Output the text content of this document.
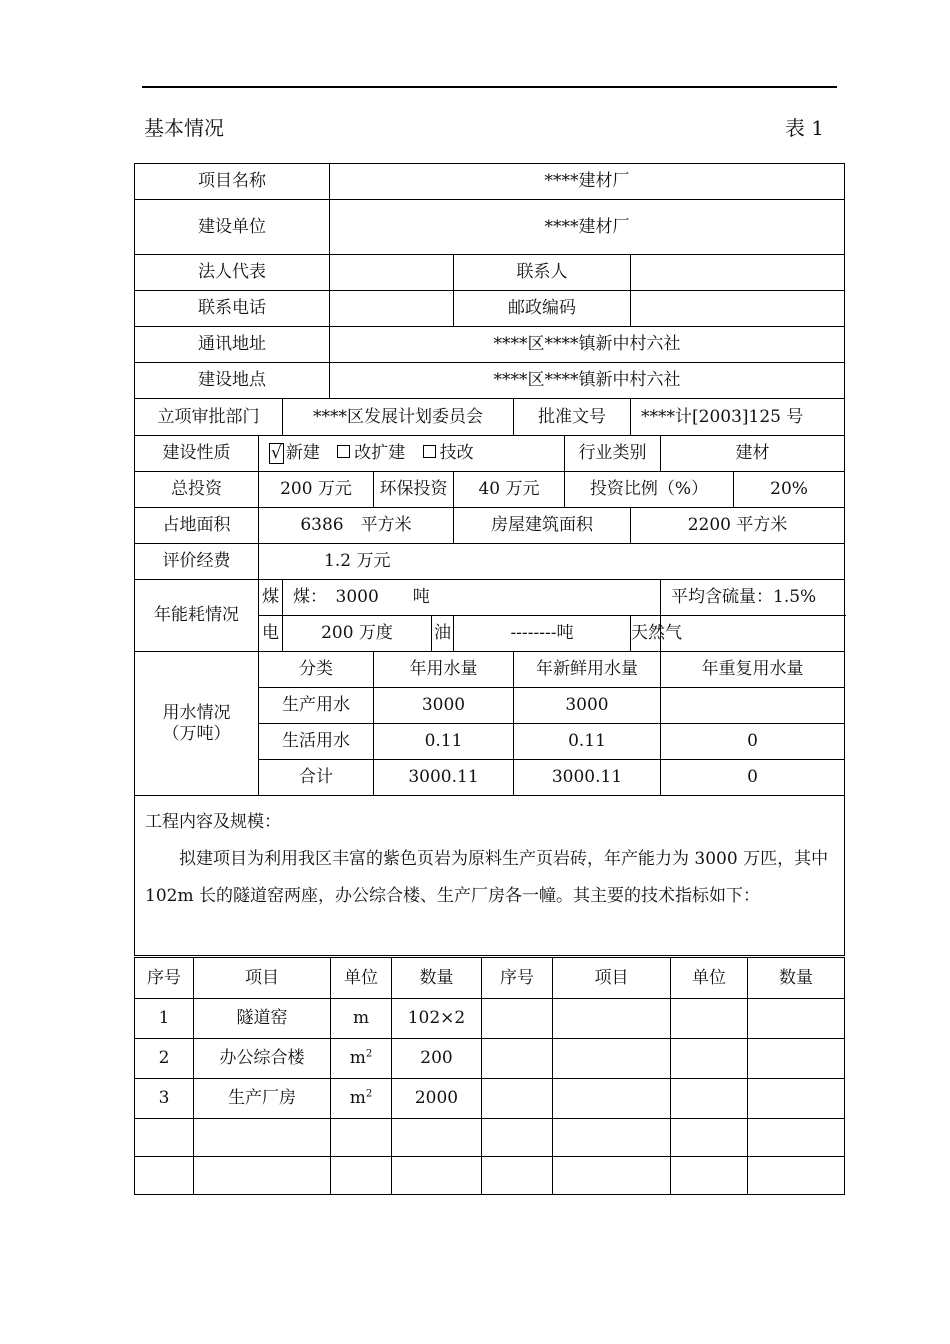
基本情况	表 1
项目名称			****建材厂								
建设单位			****建材厂								
法人代表						联系人					
联系电话						邮政编码					
通讯地址			****区****镇新中村六社								
建设地点			****区****镇新中村六社								
立项审批部门		****区发展计划委员会					批准文号		****计[2003]125 号		
建设性质	√ 新建 改扩建 技改							行业类别		建材	
总投资	200 万元			环保投资		40 万元		投资比例（%）			20%
占地面积	6386　平方米					房屋建筑面积			2200 平方米		
评价经费	1.2 万元										
年能耗情况	煤	煤：　3000　　吨								平均含硫量：1.5%	
	电	200 万度			油	--------吨			天然气		

用水情况
（万吨）	分类			年用水量			年新鲜用水量			年重复用水量	
	生产用水			3000			3000				
	生活用水			0.11			0.11			0	
	合计			3000.11			3000.11			0	

工程内容及规模：

拟建项目为利用我区丰富的紫色页岩为原料生产页岩砖，年产能力为 3000 万匹，其中 102m 长的隧道窑两座，办公综合楼、生产厂房各一幢。其主要的技术指标如下：											

序号	项目	单位	数量	序号	项目	单位	数量
1	隧道窑	m	102×2				
2	办公综合楼	$m^2$	200				
3	生产厂房	$m^2$	2000				
